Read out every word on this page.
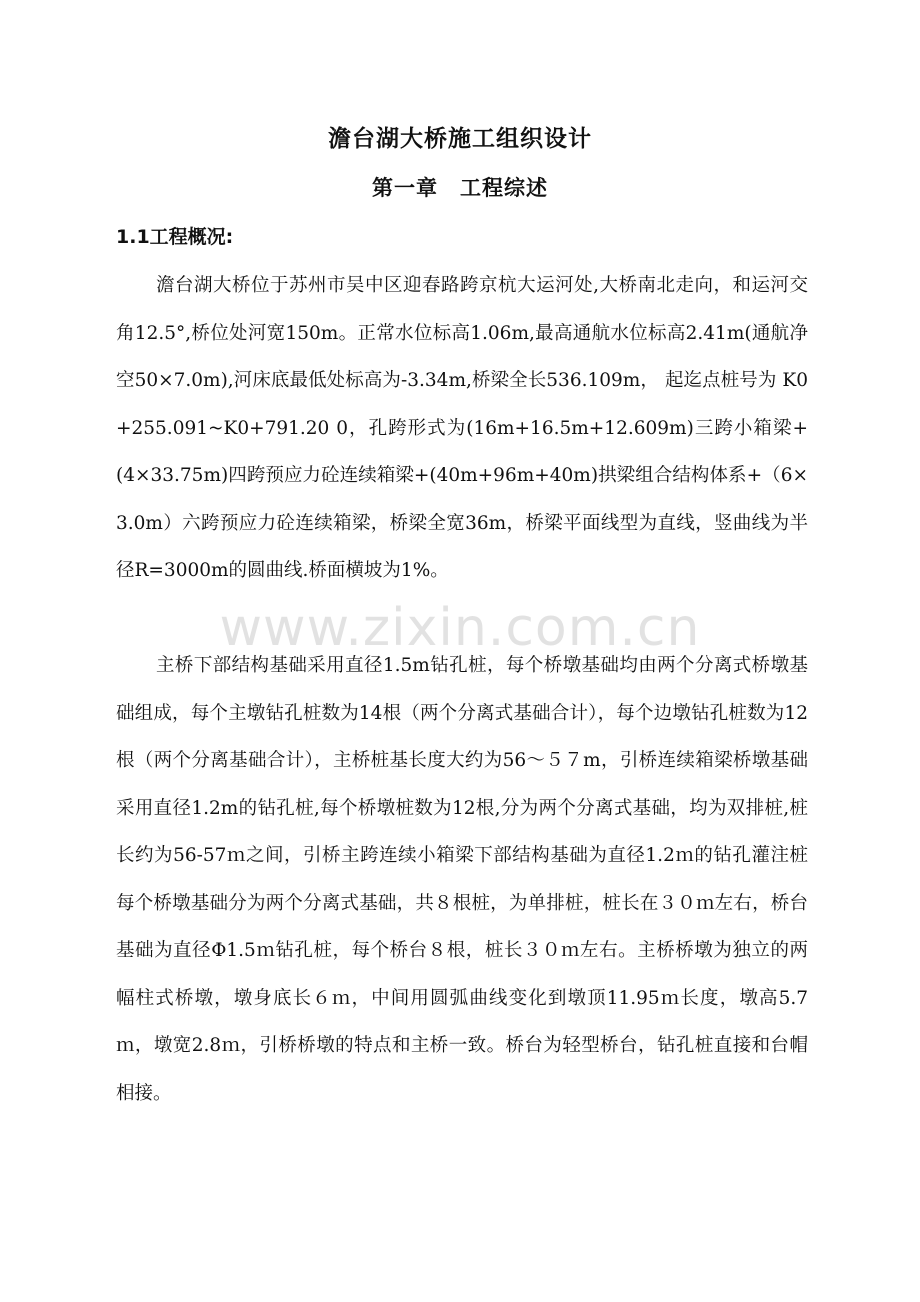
澹台湖大桥施工组织设计
第一章　工程综述
1.1工程概况:

澹台湖大桥位于苏州市吴中区迎春路跨京杭大运河处,大桥南北走向，和运河交角12.5°,桥位处河宽150m。正常水位标高1.06m,最高通航水位标高2.41m(通航净空50×7.0m),河床底最低处标高为-3.34m,桥梁全长536.109m， 起迄点桩号为 K0+255.091~K0+791.20 0，孔跨形式为(16m+16.5m+12.609m)三跨小箱梁+(4×33.75m)四跨预应力砼连续箱梁+(40m+96m+40m)拱梁组合结构体系+（6×3.0m）六跨预应力砼连续箱梁，桥梁全宽36m，桥梁平面线型为直线，竖曲线为半径R=3000m的圆曲线.桥面横坡为1%。

主桥下部结构基础采用直径1.5m钻孔桩，每个桥墩基础均由两个分离式桥墩基础组成，每个主墩钻孔桩数为14根（两个分离式基础合计），每个边墩钻孔桩数为12根（两个分离基础合计），主桥桩基长度大约为56～５７m，引桥连续箱梁桥墩基础采用直径1.2m的钻孔桩,每个桥墩桩数为12根,分为两个分离式基础，均为双排桩,桩长约为56-57ｍ之间，引桥主跨连续小箱梁下部结构基础为直径1.2ｍ的钻孔灌注桩每个桥墩基础分为两个分离式基础，共８根桩，为单排桩，桩长在３０ｍ左右，桥台基础为直径Φ1.5ｍ钻孔桩，每个桥台８根，桩长３０ｍ左右。主桥桥墩为独立的两幅柱式桥墩，墩身底长６ｍ，中间用圆弧曲线变化到墩顶11.95ｍ长度，墩高5.7ｍ，墩宽2.8ｍ，引桥桥墩的特点和主桥一致。桥台为轻型桥台，钻孔桩直接和台帽相接。

www.zixin.com.cn
